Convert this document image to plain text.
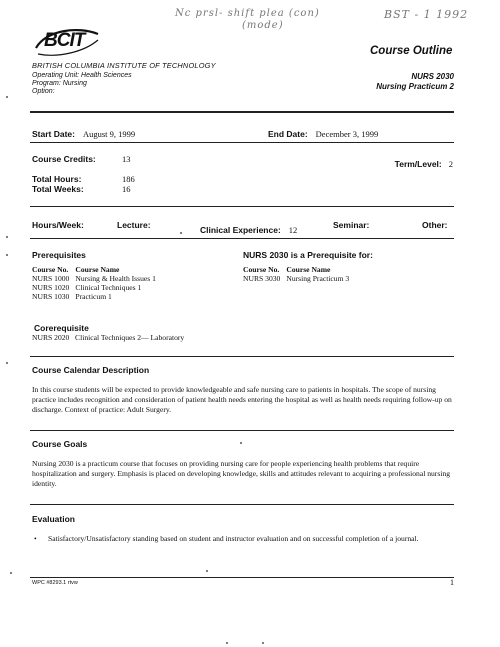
Nc prsl- shift plea (con)
(mode)
BST - 1 1992
BCIT	Course Outline
BRITISH COLUMBIA INSTITUTE OF TECHNOLOGY
Operating Unit: Health Sciences
Program: Nursing
Option:
NURS 2030
Nursing Practicum 2
Start Date: August 9, 1999	End Date: December 3, 1999
Course Credits:	13	Term/Level: 2
Total Hours:	186
Total Weeks:	16
Hours/Week:	Lecture:	Clinical Experience: 12	Seminar:	Other:
Prerequisites
Course No.	Course Name
NURS 1000	Nursing & Health Issues 1
NURS 1020	Clinical Techniques 1
NURS 1030	Practicum 1
NURS 2030 is a Prerequisite for:
Course No.	Course Name
NURS 3030	Nursing Practicum 3
Corerequisite
NURS 2020   Clinical Techniques 2— Laboratory
Course Calendar Description
In this course students will be expected to provide knowledgeable and safe nursing care to patients in hospitals. The scope of nursing practice includes recognition and consideration of patient health needs entering the hospital as well as health needs requiring follow-up on discharge. Context of practice: Adult Surgery.
Course Goals
Nursing 2030 is a practicum course that focuses on providing nursing care for people experiencing health problems that require hospitalization and surgery. Emphasis is placed on developing knowledge, skills and attitudes relevant to acquiring a professional nursing identity.
Evaluation
• Satisfactory/Unsatisfactory standing based on student and instructor evaluation and on successful completion of a journal.
WPC #8293.1 rtvw	1
